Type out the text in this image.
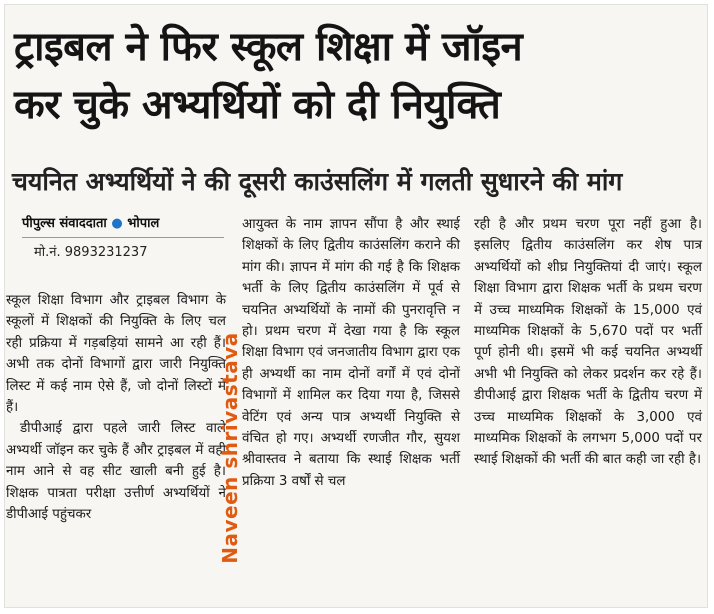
ट्राइबल ने फिर स्कूल शिक्षा में जॉइन
कर चुके अभ्यर्थियों को दी नियुक्ति
चयनित अभ्यर्थियों ने की दूसरी काउंसलिंग में गलती सुधारने की मांग
पीपुल्स संवाददाता ● भोपाल
मो.नं. 9893231237

स्कूल शिक्षा विभाग और ट्राइबल विभाग के स्कूलों में शिक्षकों की नियुक्ति के लिए चल रही प्रक्रिया में गड़बड़ियां सामने आ रही हैं। अभी तक दोनों विभागों द्वारा जारी नियुक्ति लिस्ट में कई नाम ऐसे हैं, जो दोनों लिस्टों में हैं।

डीपीआई द्वारा पहले जारी लिस्ट वाले अभ्यर्थी जॉइन कर चुके हैं और ट्राइबल में वही नाम आने से वह सीट खाली बनी हुई है। शिक्षक पात्रता परीक्षा उत्तीर्ण अभ्यर्थियों ने डीपीआई पहुंचकर	Naveen shrivastava

आयुक्त के नाम ज्ञापन सौंपा है और स्थाई शिक्षकों के लिए द्वितीय काउंसलिंग कराने की मांग की। ज्ञापन में मांग की गई है कि शिक्षक भर्ती के लिए द्वितीय काउंसलिंग में पूर्व से चयनित अभ्यर्थियों के नामों की पुनरावृत्ति न हो। प्रथम चरण में देखा गया है कि स्कूल शिक्षा विभाग एवं जनजातीय विभाग द्वारा एक ही अभ्यर्थी का नाम दोनों वर्गों में एवं दोनों विभागों में शामिल कर दिया गया है, जिससे वेटिंग एवं अन्य पात्र अभ्यर्थी नियुक्ति से वंचित हो गए। अभ्यर्थी रणजीत गौर, सुयश श्रीवास्तव ने बताया कि स्थाई शिक्षक भर्ती प्रक्रिया 3 वर्षों से चल

रही है और प्रथम चरण पूरा नहीं हुआ है। इसलिए द्वितीय काउंसलिंग कर शेष पात्र अभ्यर्थियों को शीघ्र नियुक्तियां दी जाएं। स्कूल शिक्षा विभाग द्वारा शिक्षक भर्ती के प्रथम चरण में उच्च माध्यमिक शिक्षकों के 15,000 एवं माध्यमिक शिक्षकों के 5,670 पदों पर भर्ती पूर्ण होनी थी। इसमें भी कई चयनित अभ्यर्थी अभी भी नियुक्ति को लेकर प्रदर्शन कर रहे हैं। डीपीआई द्वारा शिक्षक भर्ती के द्वितीय चरण में उच्च माध्यमिक शिक्षकों के 3,000 एवं माध्यमिक शिक्षकों के लगभग 5,000 पदों पर स्थाई शिक्षकों की भर्ती की बात कही जा रही है।
